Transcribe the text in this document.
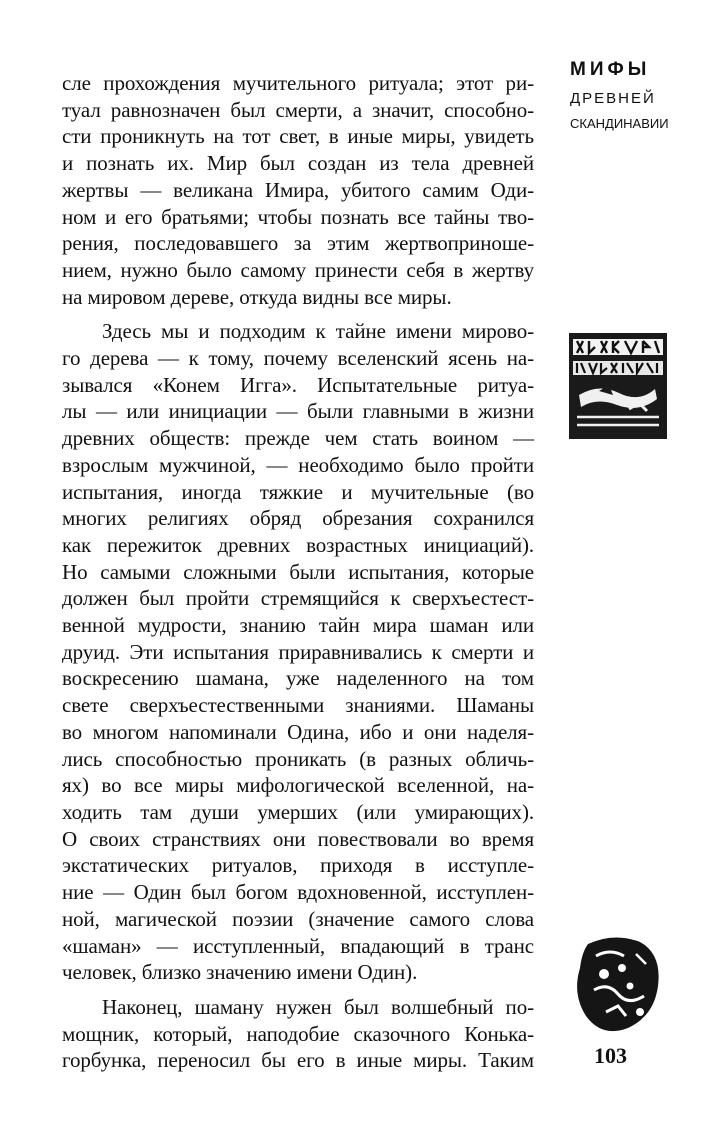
МИФЫ
ДРЕВНЕЙ
СКАНДИНАВИИ
сле прохождения мучительного ритуала; этот ри-
туал равнозначен был смерти, а значит, способно-
сти проникнуть на тот свет, в иные миры, увидеть
и познать их. Мир был создан из тела древней
жертвы — великана Имира, убитого самим Оди-
ном и его братьями; чтобы познать все тайны тво-
рения, последовавшего за этим жертвоприноше-
нием, нужно было самому принести себя в жертву
на мировом дереве, откуда видны все миры.
Здесь мы и подходим к тайне имени мирово-
го дерева — к тому, почему вселенский ясень на-
зывался «Конем Игга». Испытательные ритуа-
лы — или инициации — были главными в жизни
древних обществ: прежде чем стать воином —
взрослым мужчиной, — необходимо было пройти
испытания, иногда тяжкие и мучительные (во
многих религиях обряд обрезания сохранился
как пережиток древних возрастных инициаций).
Но самыми сложными были испытания, которые
должен был пройти стремящийся к сверхъестест-
венной мудрости, знанию тайн мира шаман или
друид. Эти испытания приравнивались к смерти и
воскресению шамана, уже наделенного на том
свете сверхъестественными знаниями. Шаманы
во многом напоминали Одина, ибо и они наделя-
лись способностью проникать (в разных обличь-
ях) во все миры мифологической вселенной, на-
ходить там души умерших (или умирающих).
О своих странствиях они повествовали во время
экстатических ритуалов, приходя в исступле-
ние — Один был богом вдохновенной, исступлен-
ной, магической поэзии (значение самого слова
«шаман» — исступленный, впадающий в транс
человек, близко значению имени Один).
Наконец, шаману нужен был волшебный по-
мощник, который, наподобие сказочного Конька-
горбунка, переносил бы его в иные миры. Таким	103
